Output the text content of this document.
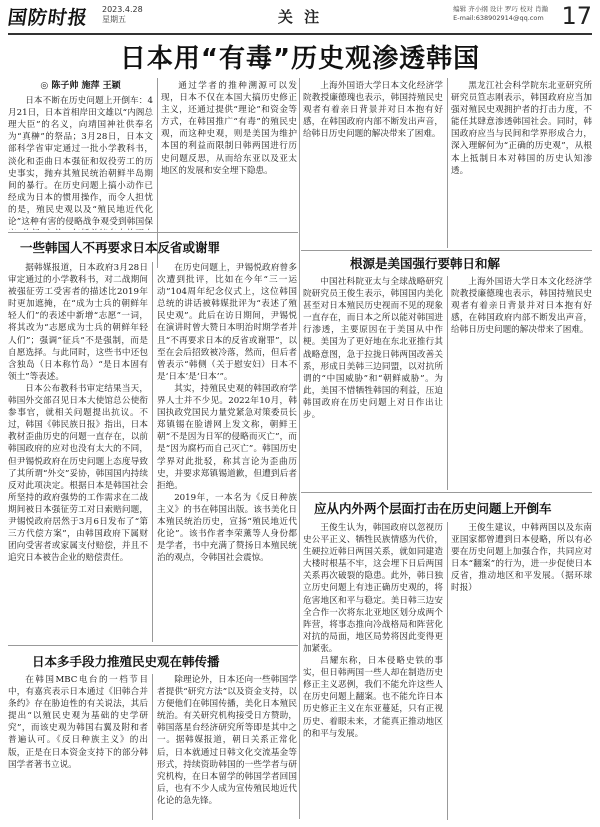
国防时报 2023.4.28
星期五	关 注	编辑 齐小纲 设计 罗巧 校对 肖瀚
E-mail:638902914@qq.com 17
日本用“有毒”历史观渗透韩国
◎ 陈子帅 施萍 王颖

日本不断在历史问题上开倒车：4月21日，日本首相岸田文雄以“内阁总理大臣”的名义，向靖国神社供奉名为“真榊”的祭品；3月28日，日本文部科学省审定通过一批小学教科书，淡化和歪曲日本强征和奴役劳工的历史事实，抛弃其殖民统治朝鲜半岛期间的暴行。在历史问题上搞小动作已经成为日本的惯用操作，而令人担忧的是，殖民史观以及“殖民地近代化论”这种有害的侵略战争观受到韩国保

通过学者的推种溯源可以发现，日本不仅在本国大搞历史修正主义，还通过提供“理论”和资金等方式，在韩国推广“有毒”的殖民史观，而这种史观，则是美国为维护本国的利益而限制日韩两国进行历史问题反思，从而给东亚以及亚太地区的发展和安全埋下隐患。

一些韩国人不再要求日本反省或谢罪

据韩媒报道，日本政府3月28日审定通过的小学教科书，对二战期间被强征劳工受害者的描述比2019年时更加遮掩，在“成为士兵的朝鲜年轻人们”的表述中新增“志愿”一词，将其改为“志愿成为士兵的朝鲜年轻人们”；强调“征兵”不是强制，而是自愿选择。与此同时，这些书中还包含独岛（日本称竹岛）“是日本固有领土”等表述。

日本公布教科书审定结果当天，韩国外交部召见日本大使馆总公使衔参事官，就相关问题提出抗议。不过，韩国《韩民族日报》指出，日本教材歪曲历史的问题一直存在，以前韩国政府的应对也没有太大的不同，但尹锡悦政府在历史问题上态度导致了其所谓“外交”妥协，韩国国内持续反对此项决定。根据日本是韩国社会所坚持的政府强势的工作需求在二战期间被日本强征劳工对日索赔问题，尹锡悦政府居然于3月6日发布了“第三方代偿方案”，由韩国政府下属财团向受害者或家属支付赔偿，并且不追究日本被告企业的赔偿责任。

在历史问题上，尹锡悦政府曾多次遭到批评，比如在今年“三一运动”104周年纪念仪式上，这位韩国总统的讲话被韩媒批评为“表述了殖民史观”。此后在访日期间，尹锡悦在演讲时曾大赞日本明治时期学者并且“不再要求日本的反省或谢罪”，以至在会后招致被冷落，然而，但后者曾表示“韩侧（关于慰安妇）日本不是‘日本’是‘日本’”。

其实，持殖民史观的韩国政府学界人士并不少见。2022年10月，韩国执政党国民力量党紧急对策委员长郑镇锡在脸谱网上发文称，朝鲜王朝“不是因为日军的侵略而灭亡”，而是“因为腐朽而自己灭亡”。韩国历史学界对此批驳，称其言论为歪曲历史，并要求郑镇锡道歉，但遭到后者拒绝。

2019年，一本名为《反日种族主义》的书在韩国出版。该书美化日本殖民统治历史，宣扬“殖民地近代化论”。该书作者李荣薰等人身份都是学者，书中充满了赞扬日本殖民统治的观点，令韩国社会震惊。

日本多手段力推殖民史观在韩传播

在韩国MBC电台的一档节目中，有嘉宾表示日本通过《旧韩合并条约》存在胁迫性的有关说法，其后提出“以殖民史观为基础的史学研究”，而该史观为韩国右翼及附和者普遍认可。《反日种族主义》的出版，正是在日本资金支持下的部分韩国学者著书立说。

除理论外，日本还向一些韩国学者提供“研究方法”以及资金支持，以方便他们在韩国传播，美化日本殖民统治。有关研究机构接受日方赞助，韩国落星台经济研究所等即是其中之一。据韩媒报道，朝日关系正常化后，日本就通过日韩文化交流基金等形式，持续资助韩国的一些学者与研究机构，在日本留学的韩国学者回国后，也有不少人成为宣传殖民地近代化论的急先锋。

上海外国语大学日本文化经济学院教授廉德瑰也表示，韩国持殖民史观者有着亲日背景并对日本抱有好感，在韩国政府内部不断发出声音，给韩日历史问题的解决带来了困难。

黑龙江社会科学院东北亚研究所研究员笪志刚表示，韩国政府应当加强对殖民史观拥护者的打击力度，不能任其肆意渗透韩国社会。同时，韩国政府应当与民间和学界形成合力，深入理解何为“正确的历史观”，从根本上抵制日本对韩国的历史认知渗透。

根源是美国强行要韩日和解

中国社科院亚太与全球战略研究院研究员王俊生表示，韩国国内美化甚至对日本殖民历史视而不见的现象一直存在，而日本之所以能对韩国进行渗透，主要原因在于美国从中作梗。美国为了更好地在东北亚推行其战略意图，急于拉拢日韩两国改善关系，形成日美韩三边同盟，以对抗所谓的“中国威胁”和“朝鲜威胁”。为此，美国不惜牺牲韩国的利益，压迫韩国政府在历史问题上对日作出让步。

上海外国语大学日本文化经济学院教授廉德瑰也表示，韩国持殖民史观者有着亲日背景并对日本抱有好感，在韩国政府内部不断发出声音，给韩日历史问题的解决带来了困难。

应从内外两个层面打击在历史问题上开倒车

王俊生认为，韩国政府以忽视历史公平正义、牺牲民族情感为代价，生硬拉近韩日两国关系，就如同建造大楼时根基不牢，这会埋下日后两国关系再次破裂的隐患。此外，韩日独立历史问题上有违正确历史观的，将危害地区和平与稳定。美日韩三边安全合作一次将东北亚地区划分成两个阵营，将事态推向冷战格局和阵营化对抗的局面，地区局势将因此变得更加紧张。

吕耀东称，日本侵略史铁的事实，但日韩两国一些人却在制造历史修正主义恶例，我们不能允许这些人在历史问题上翻案。也不能允许日本历史修正主义在东亚蔓延，只有正视历史、着眼未来，才能真正推动地区的和平与发展。

王俊生建议，中韩两国以及东南亚国家都曾遭到日本侵略，所以有必要在历史问题上加强合作，共同应对日本“翻案”的行为，进一步促使日本反省，推动地区和平发展。（据环球时报）
